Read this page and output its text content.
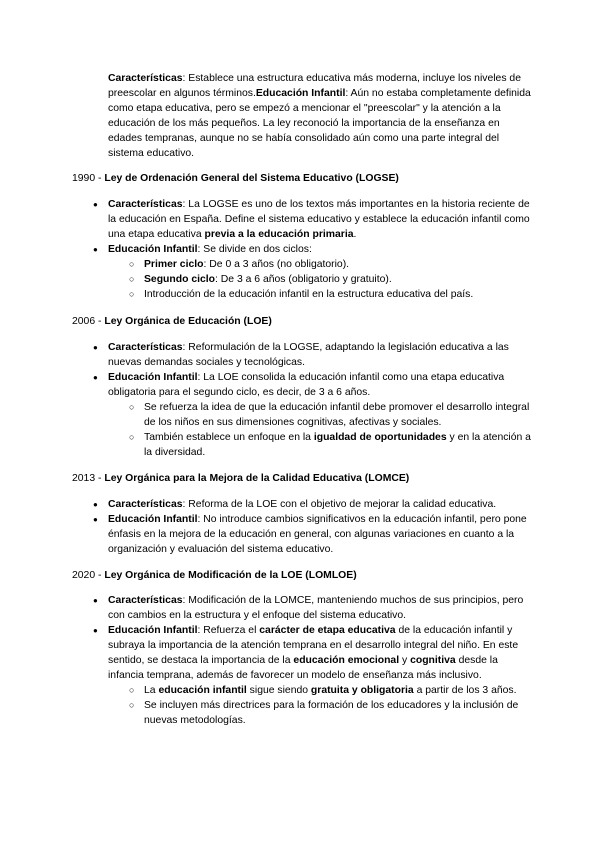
Características: Establece una estructura educativa más moderna, incluye los niveles de preescolar en algunos términos.Educación Infantil: Aún no estaba completamente definida como etapa educativa, pero se empezó a mencionar el "preescolar" y la atención a la educación de los más pequeños. La ley reconoció la importancia de la enseñanza en edades tempranas, aunque no se había consolidado aún como una parte integral del sistema educativo.

1990 - Ley de Ordenación General del Sistema Educativo (LOGSE)
● Características: La LOGSE es uno de los textos más importantes en la historia reciente de la educación en España. Define el sistema educativo y establece la educación infantil como una etapa educativa previa a la educación primaria.
● Educación Infantil: Se divide en dos ciclos:
○ Primer ciclo: De 0 a 3 años (no obligatorio).
○ Segundo ciclo: De 3 a 6 años (obligatorio y gratuito).
○ Introducción de la educación infantil en la estructura educativa del país.
2006 - Ley Orgánica de Educación (LOE)
● Características: Reformulación de la LOGSE, adaptando la legislación educativa a las nuevas demandas sociales y tecnológicas.
● Educación Infantil: La LOE consolida la educación infantil como una etapa educativa obligatoria para el segundo ciclo, es decir, de 3 a 6 años.
○ Se refuerza la idea de que la educación infantil debe promover el desarrollo integral de los niños en sus dimensiones cognitivas, afectivas y sociales.
○ También establece un enfoque en la igualdad de oportunidades y en la atención a la diversidad.
2013 - Ley Orgánica para la Mejora de la Calidad Educativa (LOMCE)
● Características: Reforma de la LOE con el objetivo de mejorar la calidad educativa.
● Educación Infantil: No introduce cambios significativos en la educación infantil, pero pone énfasis en la mejora de la educación en general, con algunas variaciones en cuanto a la organización y evaluación del sistema educativo.
2020 - Ley Orgánica de Modificación de la LOE (LOMLOE)
● Características: Modificación de la LOMCE, manteniendo muchos de sus principios, pero con cambios en la estructura y el enfoque del sistema educativo.
● Educación Infantil: Refuerza el carácter de etapa educativa de la educación infantil y subraya la importancia de la atención temprana en el desarrollo integral del niño. En este sentido, se destaca la importancia de la educación emocional y cognitiva desde la infancia temprana, además de favorecer un modelo de enseñanza más inclusivo.
○ La educación infantil sigue siendo gratuita y obligatoria a partir de los 3 años.
○ Se incluyen más directrices para la formación de los educadores y la inclusión de nuevas metodologías.
